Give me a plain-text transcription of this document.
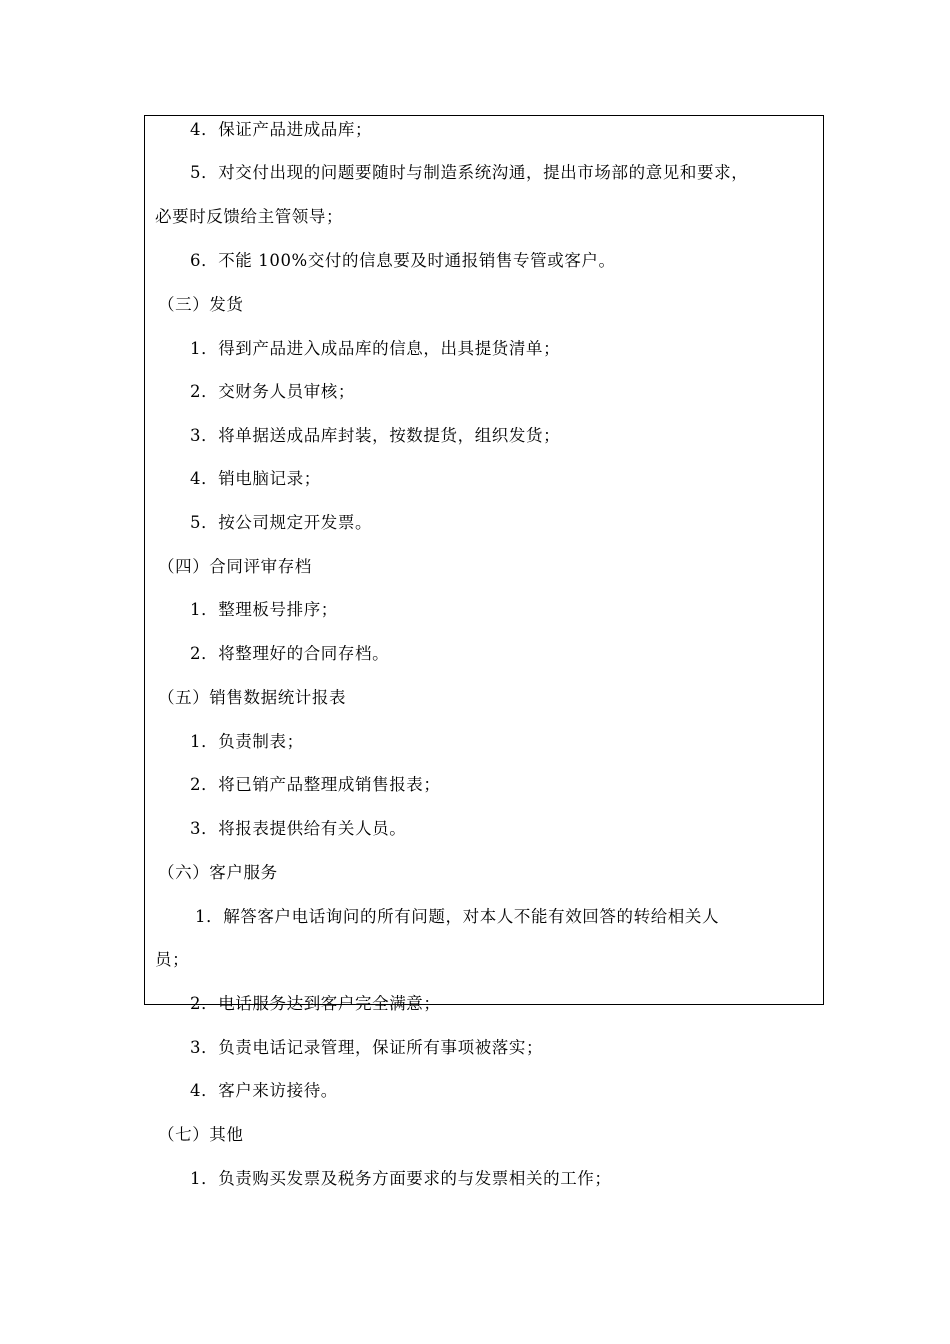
4．保证产品进成品库；
5．对交付出现的问题要随时与制造系统沟通，提出市场部的意见和要求，
必要时反馈给主管领导；
6．不能 100%交付的信息要及时通报销售专管或客户。
（三）发货
1．得到产品进入成品库的信息，出具提货清单；
2．交财务人员审核；
3．将单据送成品库封装，按数提货，组织发货；
4．销电脑记录；
5．按公司规定开发票。
（四）合同评审存档
1．整理板号排序；
2．将整理好的合同存档。
（五）销售数据统计报表
1．负责制表；
2．将已销产品整理成销售报表；
3．将报表提供给有关人员。
（六）客户服务
1．解答客户电话询问的所有问题，对本人不能有效回答的转给相关人
员；
2．电话服务达到客户完全满意；
3．负责电话记录管理，保证所有事项被落实；
4．客户来访接待。
（七）其他
1．负责购买发票及税务方面要求的与发票相关的工作；
